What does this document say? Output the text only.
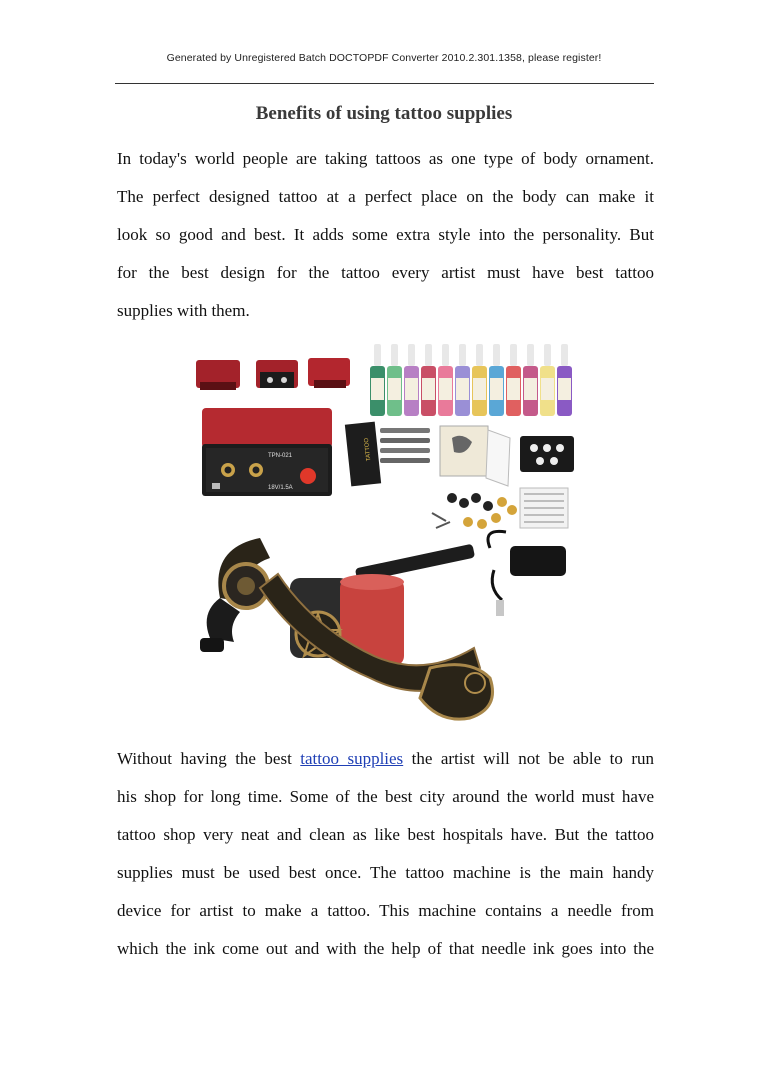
Generated by Unregistered Batch DOCTOPDF Converter 2010.2.301.1358, please register!
Benefits of using tattoo supplies
In today's world people are taking tattoos as one type of body ornament.
The perfect designed tattoo at a perfect place on the body can make it
look so good and best. It adds some extra style into the personality. But
for the best design for the tattoo every artist must have best tattoo
supplies with them.
TPN-021
18V/1.5A
TATTOO
Without having the best tattoo supplies the artist will not be able to run
his shop for long time. Some of the best city around the world must have
tattoo shop very neat and clean as like best hospitals have. But the tattoo
supplies must be used best once. The tattoo machine is the main handy
device for artist to make a tattoo. This machine contains a needle from
which the ink come out and with the help of that needle ink goes into the
